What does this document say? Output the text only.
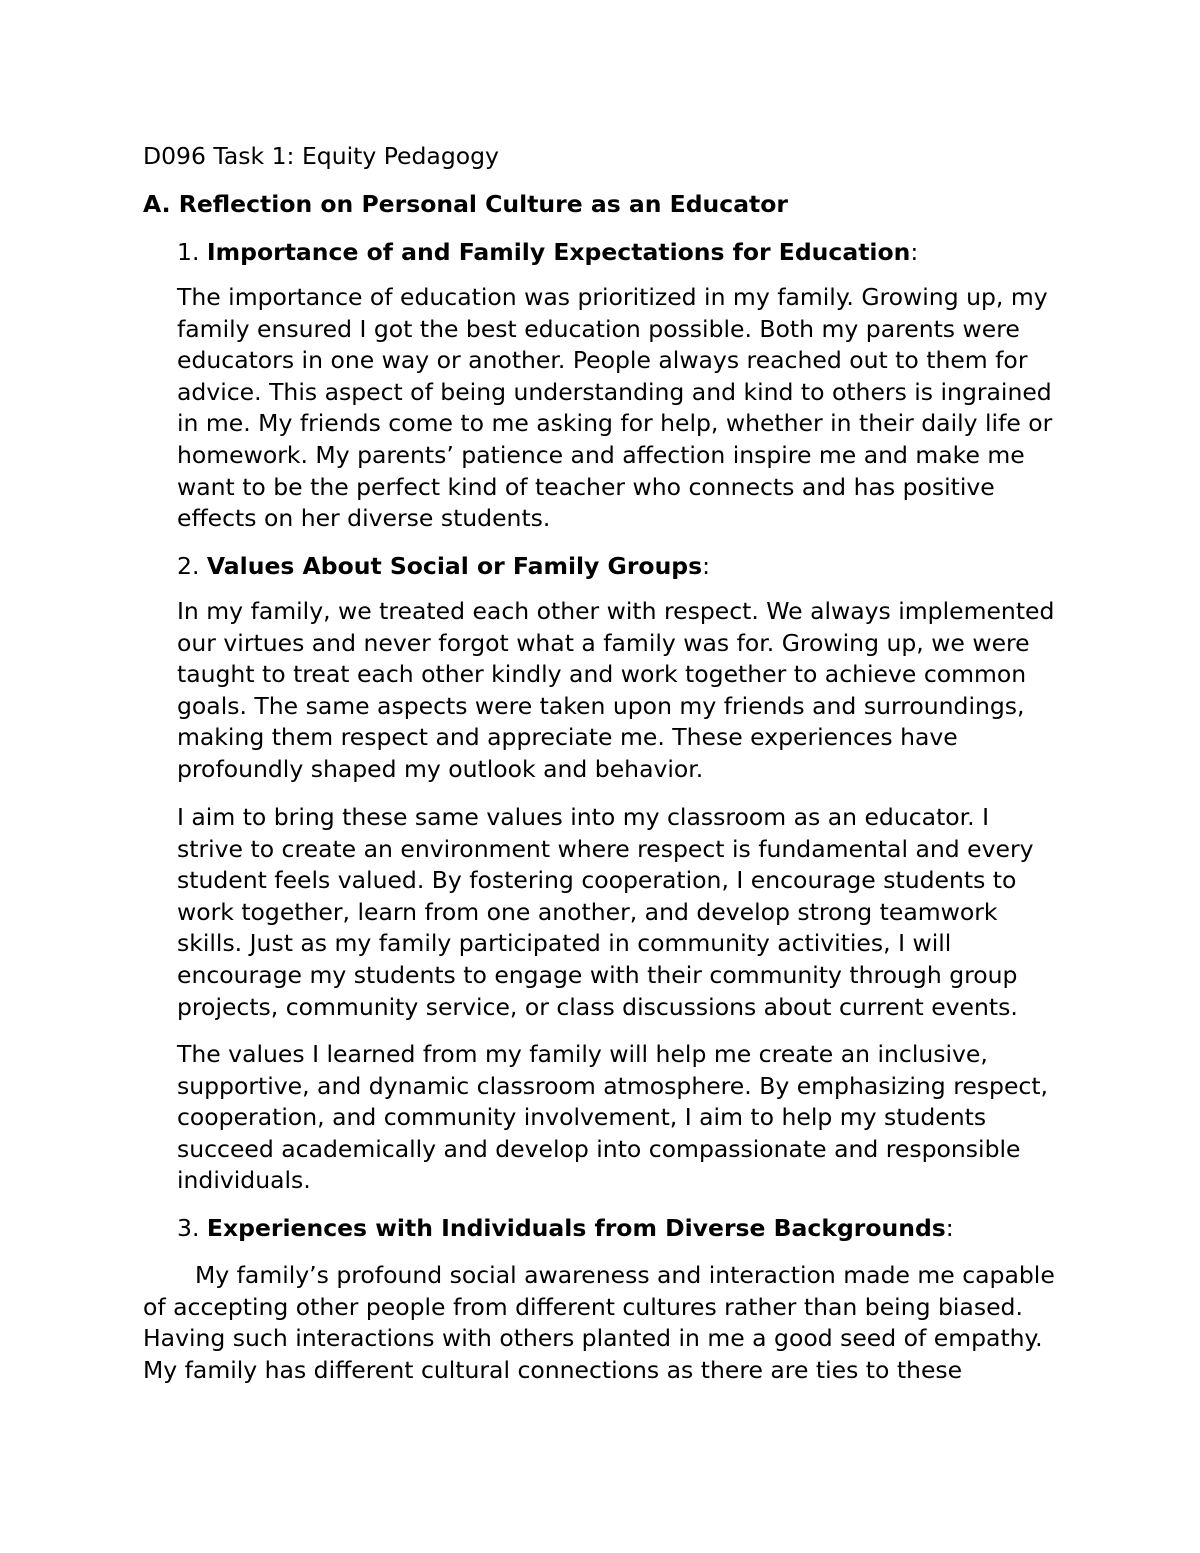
D096 Task 1: Equity Pedagogy
A. Reflection on Personal Culture as an Educator
1. Importance of and Family Expectations for Education:
The importance of education was prioritized in my family. Growing up, my
family ensured I got the best education possible. Both my parents were
educators in one way or another. People always reached out to them for
advice. This aspect of being understanding and kind to others is ingrained
in me. My friends come to me asking for help, whether in their daily life or
homework. My parents’ patience and affection inspire me and make me
want to be the perfect kind of teacher who connects and has positive
effects on her diverse students.
2. Values About Social or Family Groups:
In my family, we treated each other with respect. We always implemented
our virtues and never forgot what a family was for. Growing up, we were
taught to treat each other kindly and work together to achieve common
goals. The same aspects were taken upon my friends and surroundings,
making them respect and appreciate me. These experiences have
profoundly shaped my outlook and behavior.
I aim to bring these same values into my classroom as an educator. I
strive to create an environment where respect is fundamental and every
student feels valued. By fostering cooperation, I encourage students to
work together, learn from one another, and develop strong teamwork
skills. Just as my family participated in community activities, I will
encourage my students to engage with their community through group
projects, community service, or class discussions about current events.
The values I learned from my family will help me create an inclusive,
supportive, and dynamic classroom atmosphere. By emphasizing respect,
cooperation, and community involvement, I aim to help my students
succeed academically and develop into compassionate and responsible
individuals.
3. Experiences with Individuals from Diverse Backgrounds:
My family’s profound social awareness and interaction made me capable
of accepting other people from different cultures rather than being biased.
Having such interactions with others planted in me a good seed of empathy.
My family has different cultural connections as there are ties to these
